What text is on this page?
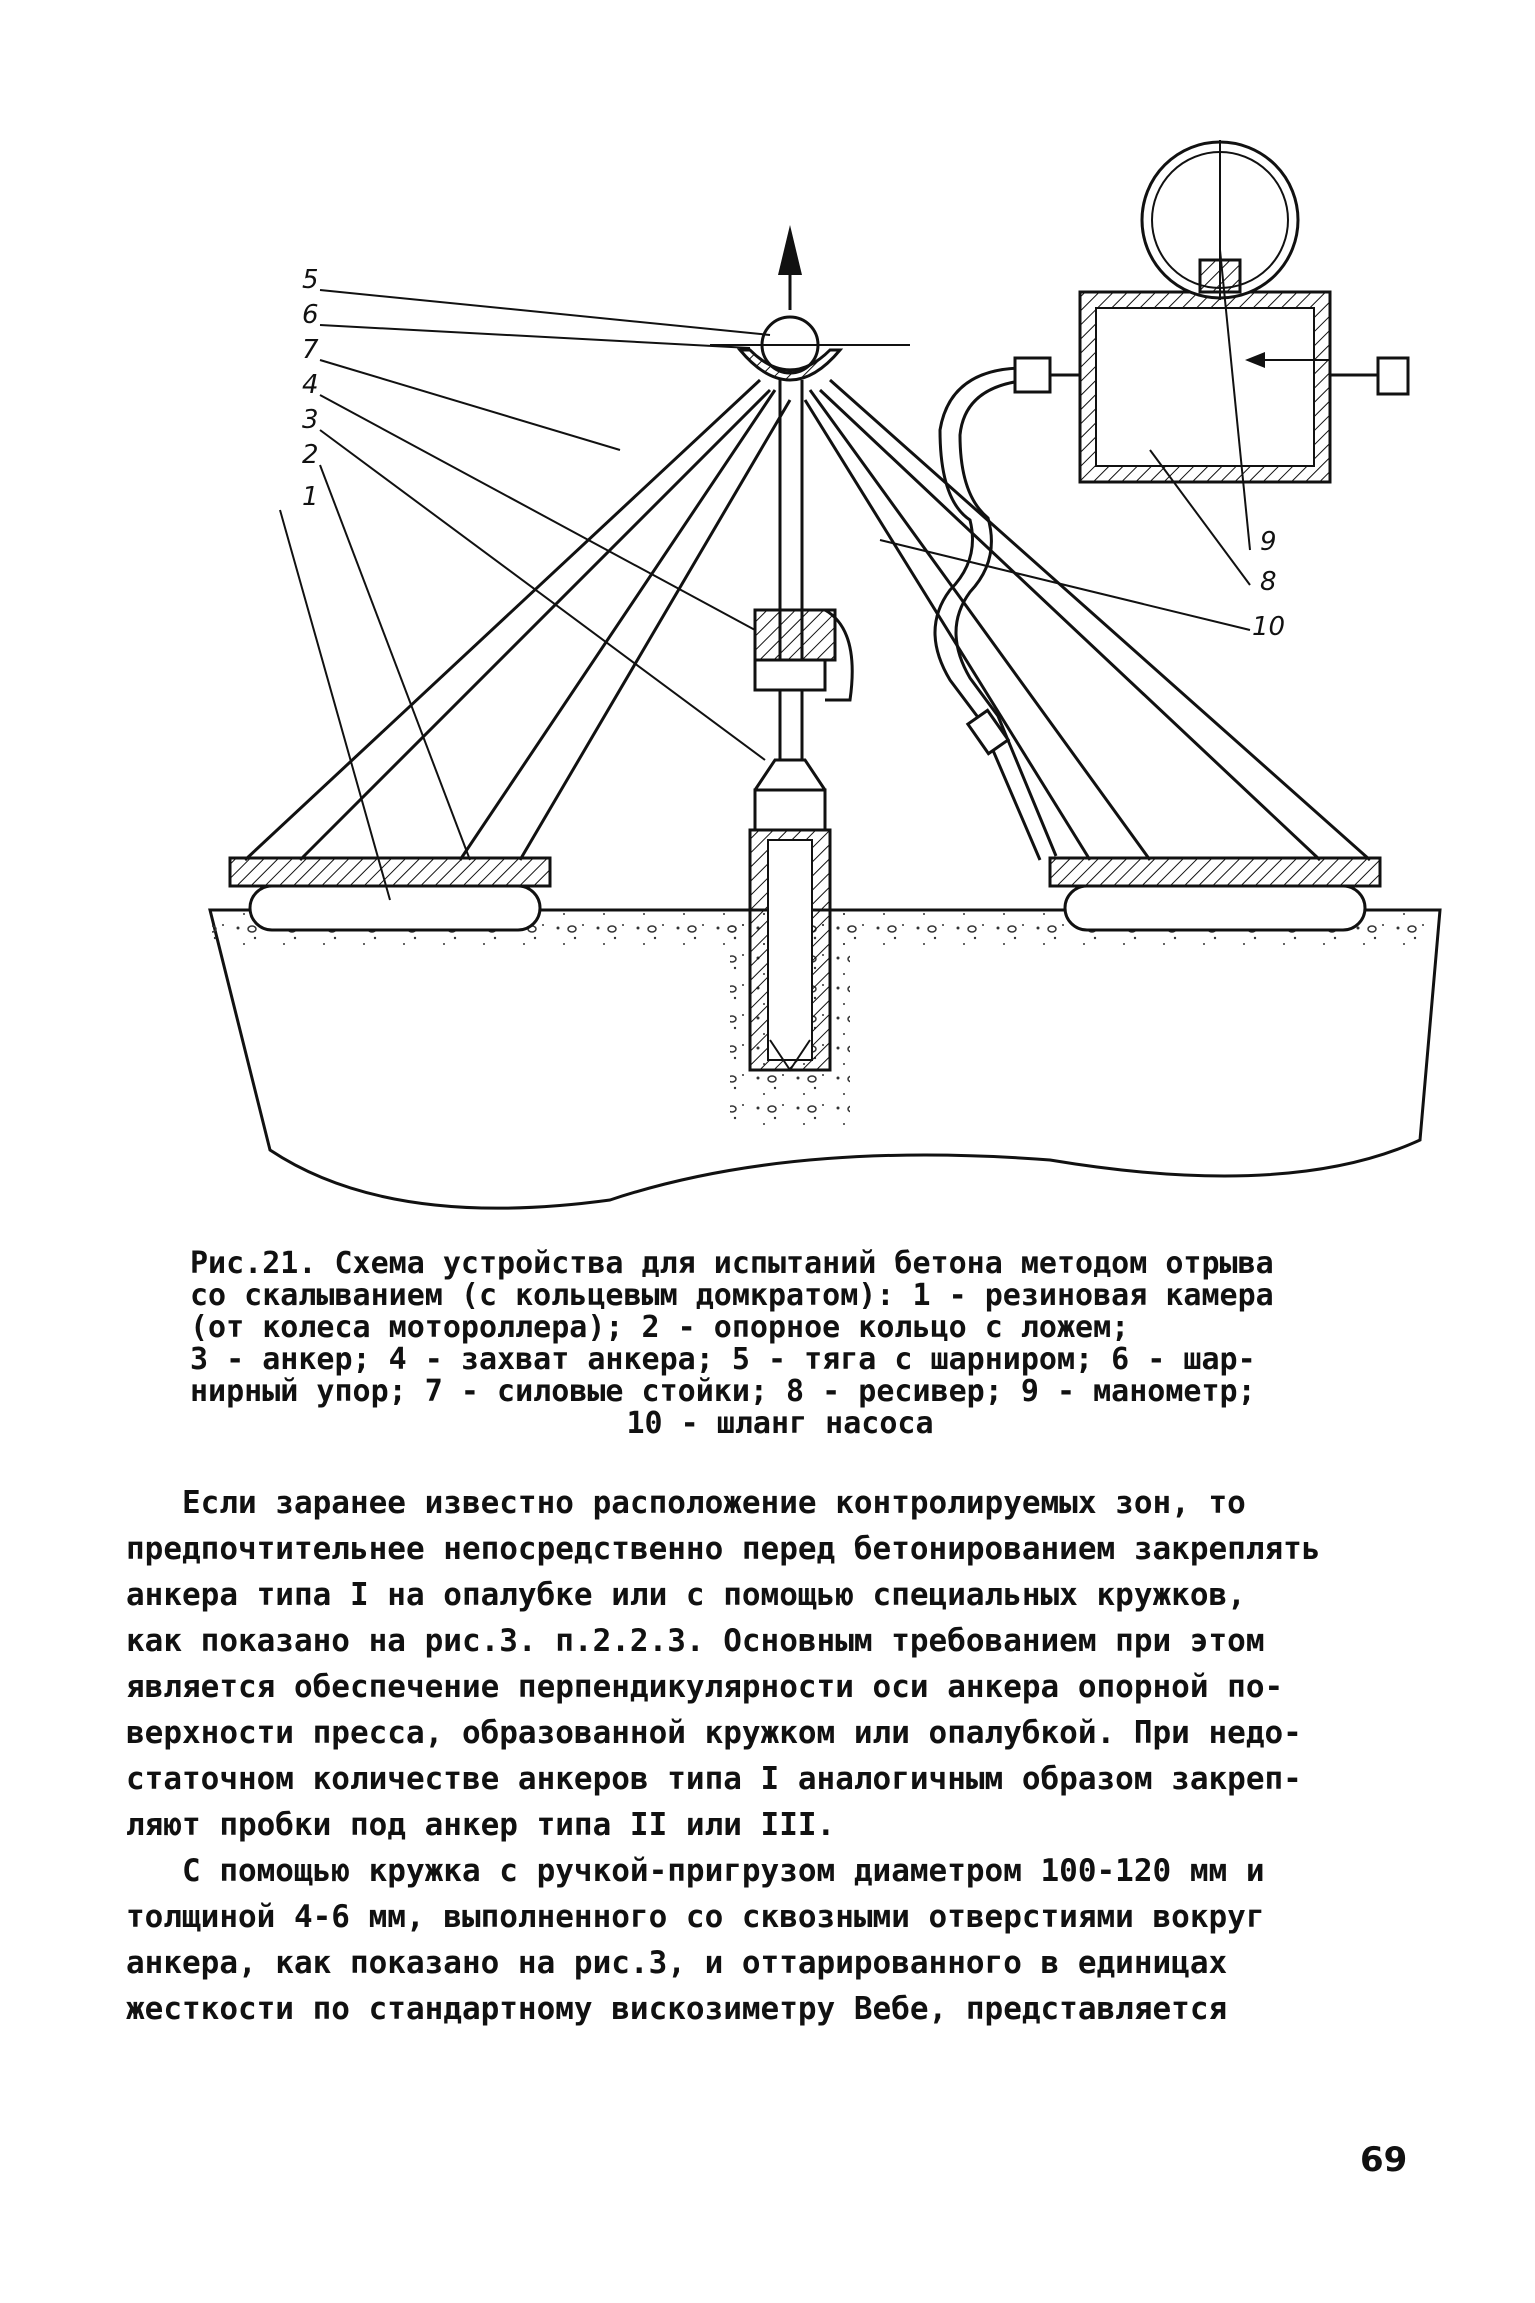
5
6
7
4
3
2
1
9
8
10
Рис.21. Схема устройства для испытаний бетона методом отрыва
со скалыванием (с кольцевым домкратом): 1 - резиновая камера
(от колеса мотороллера); 2 - опорное кольцо с ложем;
3 - анкер; 4 - захват анкера; 5 - тяга с шарниром; 6 - шар-
нирный упор; 7 - силовые стойки; 8 - ресивер; 9 - манометр;
10 - шланг насоса
Если заранее известно расположение контролируемых зон, то
предпочтительнее непосредственно перед бетонированием закреплять
анкера типа I на опалубке или с помощью специальных кружков,
как показано на рис.3. п.2.2.3. Основным требованием при этом
является обеспечение перпендикулярности оси анкера опорной по-
верхности пресса, образованной кружком или опалубкой. При недо-
статочном количестве анкеров типа I аналогичным образом закреп-
ляют пробки под анкер типа II или III.
С помощью кружка с ручкой-пригрузом диаметром 100-120 мм и
толщиной 4-6 мм, выполненного со сквозными отверстиями вокруг
анкера, как показано на рис.3, и оттарированного в единицах
жесткости по стандартному вискозиметру Вебе, представляется
69
